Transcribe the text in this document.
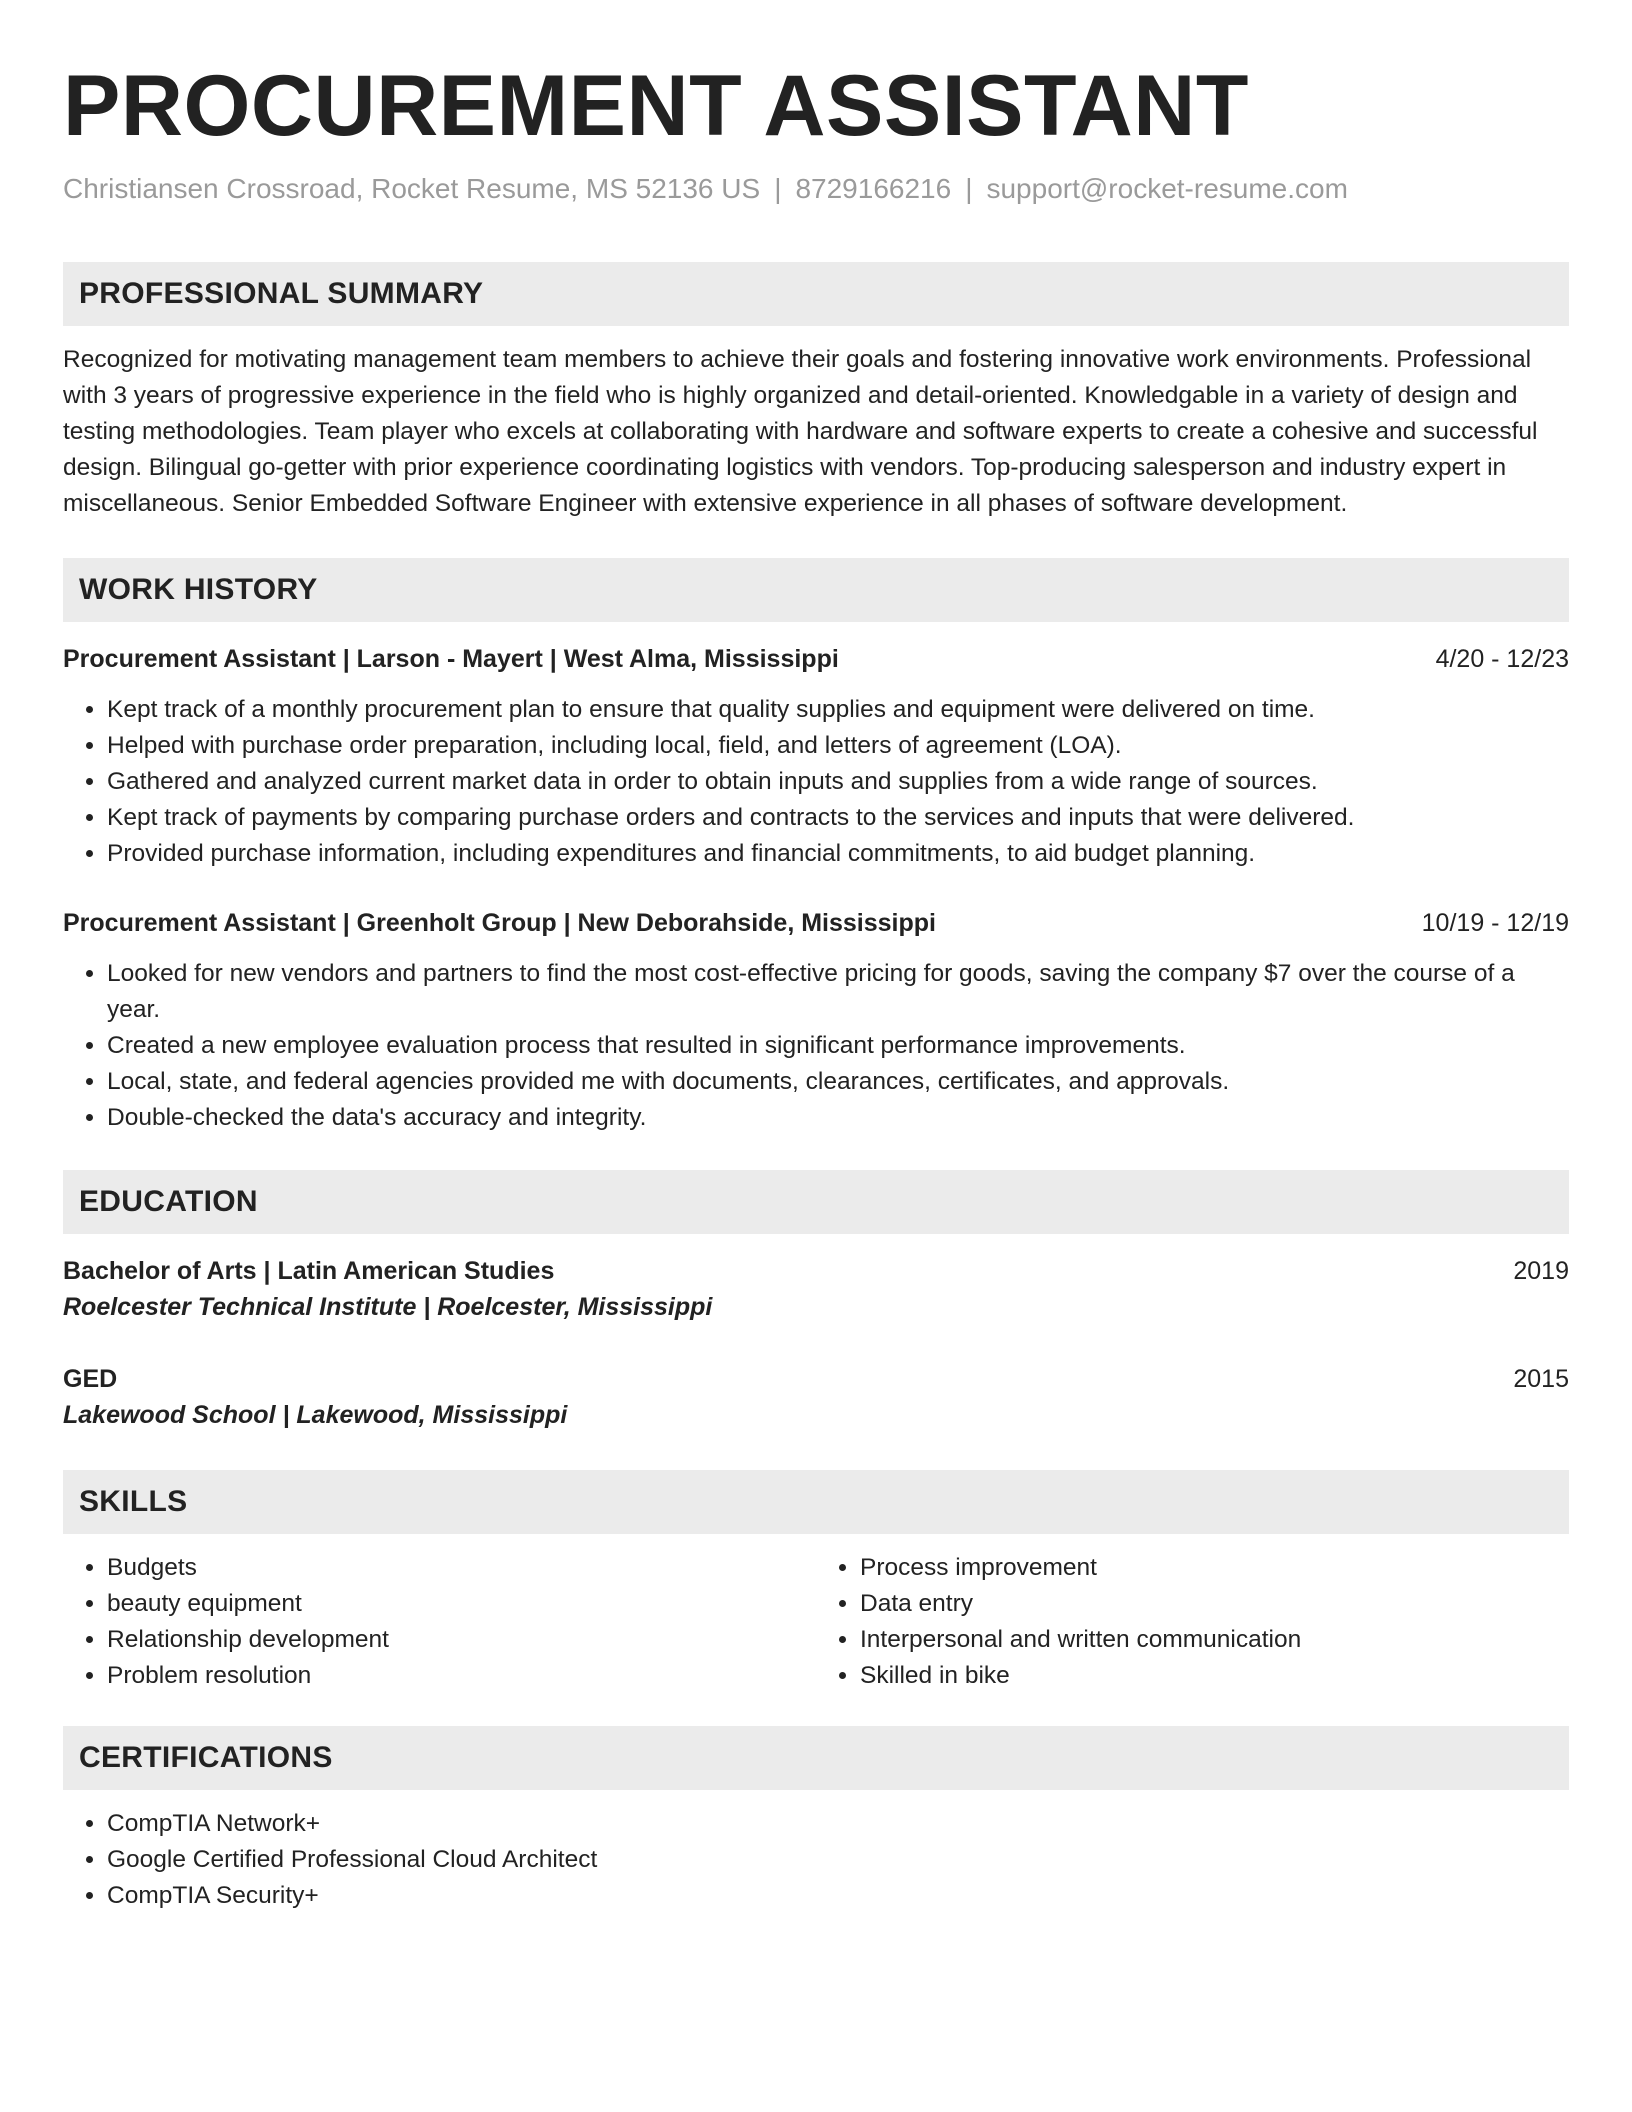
PROCUREMENT ASSISTANT
Christiansen Crossroad, Rocket Resume, MS 52136 US | 8729166216 | support@rocket-resume.com
PROFESSIONAL SUMMARY
Recognized for motivating management team members to achieve their goals and fostering innovative work environments. Professional with 3 years of progressive experience in the field who is highly organized and detail-oriented. Knowledgable in a variety of design and testing methodologies. Team player who excels at collaborating with hardware and software experts to create a cohesive and successful design. Bilingual go-getter with prior experience coordinating logistics with vendors. Top-producing salesperson and industry expert in miscellaneous. Senior Embedded Software Engineer with extensive experience in all phases of software development.
WORK HISTORY
Procurement Assistant | Larson - Mayert | West Alma, Mississippi	4/20 - 12/23
• Kept track of a monthly procurement plan to ensure that quality supplies and equipment were delivered on time.
• Helped with purchase order preparation, including local, field, and letters of agreement (LOA).
• Gathered and analyzed current market data in order to obtain inputs and supplies from a wide range of sources.
• Kept track of payments by comparing purchase orders and contracts to the services and inputs that were delivered.
• Provided purchase information, including expenditures and financial commitments, to aid budget planning.
Procurement Assistant | Greenholt Group | New Deborahside, Mississippi	10/19 - 12/19
• Looked for new vendors and partners to find the most cost-effective pricing for goods, saving the company $7 over the course of a year.
• Created a new employee evaluation process that resulted in significant performance improvements.
• Local, state, and federal agencies provided me with documents, clearances, certificates, and approvals.
• Double-checked the data's accuracy and integrity.
EDUCATION
Bachelor of Arts | Latin American Studies	2019
Roelcester Technical Institute | Roelcester, Mississippi
GED	2015
Lakewood School | Lakewood, Mississippi
SKILLS
• Budgets
• beauty equipment
• Relationship development
• Problem resolution
• Process improvement
• Data entry
• Interpersonal and written communication
• Skilled in bike
CERTIFICATIONS
• CompTIA Network+
• Google Certified Professional Cloud Architect
• CompTIA Security+
